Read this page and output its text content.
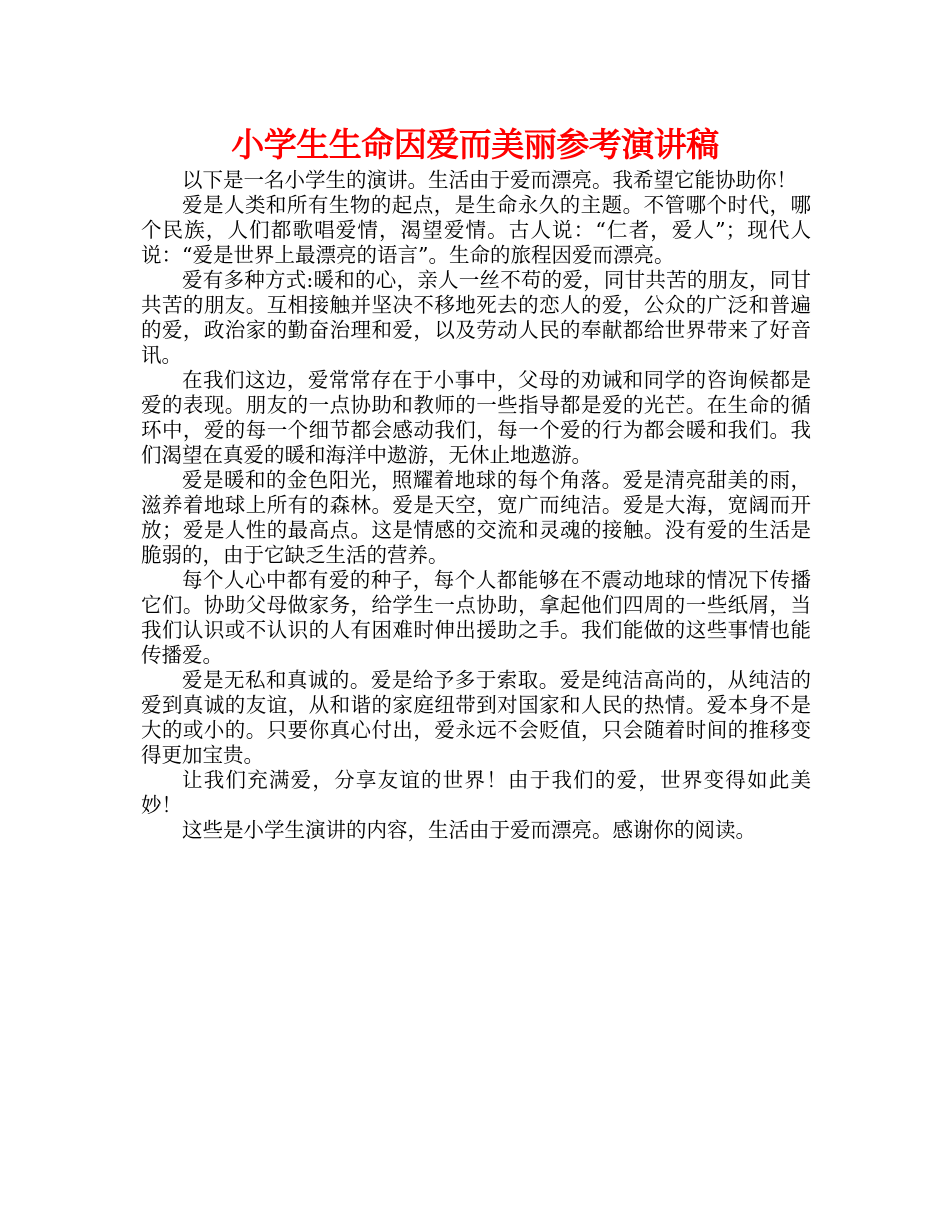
小学生生命因爱而美丽参考演讲稿

以下是一名小学生的演讲。生活由于爱而漂亮。我希望它能协助你！

爱是人类和所有生物的起点，是生命永久的主题。不管哪个时代，哪个民族，人们都歌唱爱情，渴望爱情。古人说：“仁者，爱人”；现代人说：“爱是世界上最漂亮的语言”。生命的旅程因爱而漂亮。

爱有多种方式:暖和的心，亲人一丝不苟的爱，同甘共苦的朋友，同甘共苦的朋友。互相接触并坚决不移地死去的恋人的爱，公众的广泛和普遍的爱，政治家的勤奋治理和爱，以及劳动人民的奉献都给世界带来了好音讯。

在我们这边，爱常常存在于小事中，父母的劝诫和同学的咨询候都是爱的表现。朋友的一点协助和教师的一些指导都是爱的光芒。在生命的循环中，爱的每一个细节都会感动我们，每一个爱的行为都会暖和我们。我们渴望在真爱的暖和海洋中遨游，无休止地遨游。

爱是暖和的金色阳光，照耀着地球的每个角落。爱是清亮甜美的雨，滋养着地球上所有的森林。爱是天空，宽广而纯洁。爱是大海，宽阔而开放；爱是人性的最高点。这是情感的交流和灵魂的接触。没有爱的生活是脆弱的，由于它缺乏生活的营养。

每个人心中都有爱的种子，每个人都能够在不震动地球的情况下传播它们。协助父母做家务，给学生一点协助，拿起他们四周的一些纸屑，当我们认识或不认识的人有困难时伸出援助之手。我们能做的这些事情也能传播爱。

爱是无私和真诚的。爱是给予多于索取。爱是纯洁高尚的，从纯洁的爱到真诚的友谊，从和谐的家庭纽带到对国家和人民的热情。爱本身不是大的或小的。只要你真心付出，爱永远不会贬值，只会随着时间的推移变得更加宝贵。

让我们充满爱，分享友谊的世界！由于我们的爱，世界变得如此美妙！

这些是小学生演讲的内容，生活由于爱而漂亮。感谢你的阅读。
